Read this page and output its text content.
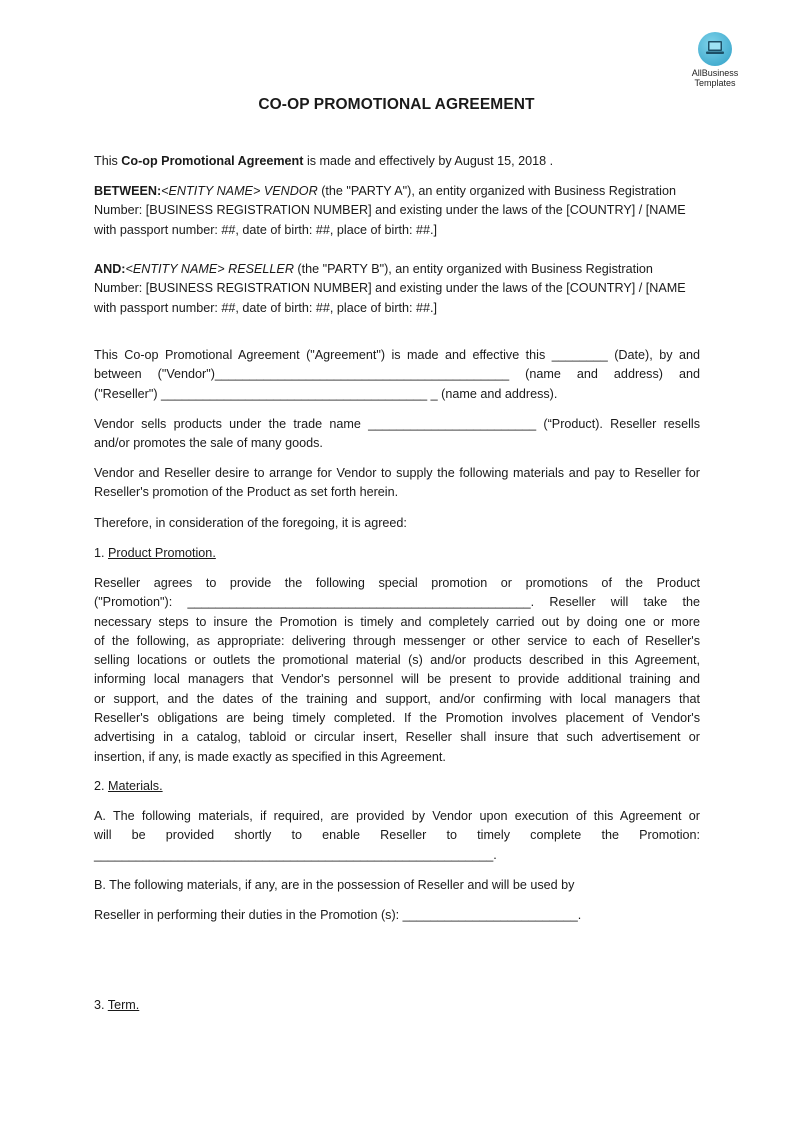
AllBusiness
Templates
CO-OP PROMOTIONAL AGREEMENT

This Co-op Promotional Agreement is made and effectively by August 15, 2018 .

BETWEEN:<ENTITY NAME> VENDOR (the "PARTY A"), an entity organized with Business Registration

Number: [BUSINESS REGISTRATION NUMBER] and existing under the laws of the [COUNTRY] / [NAME

with passport number: ##, date of birth: ##, place of birth: ##.]

AND:<ENTITY NAME> RESELLER (the "PARTY B"), an entity organized with Business Registration

Number: [BUSINESS REGISTRATION NUMBER] and existing under the laws of the [COUNTRY] / [NAME

with passport number: ##, date of birth: ##, place of birth: ##.]

This Co-op Promotional Agreement ("Agreement") is made and effective this ________ (Date), by and

between ("Vendor")__________________________________________ (name and address) and

("Reseller") ______________________________________ _ (name and address).

Vendor sells products under the trade name ________________________ (“Product). Reseller resells and/or promotes the sale of many goods.
Vendor and Reseller desire to arrange for Vendor to supply the following materials and pay to Reseller for Reseller's promotion of the Product as set forth herein.
Therefore, in consideration of the foregoing, it is agreed:
1. Product Promotion.

Reseller agrees to provide the following special promotion or promotions of the Product

("Promotion"): _________________________________________________. Reseller will take the

necessary steps to insure the Promotion is timely and completely carried out by doing one or more

of the following, as appropriate: delivering through messenger or other service to each of Reseller's

selling locations or outlets the promotional material (s) and/or products described in this Agreement,

informing local managers that Vendor's personnel will be present to provide additional training and

or support, and the dates of the training and support, and/or confirming with local managers that

Reseller's obligations are being timely completed. If the Promotion involves placement of Vendor's

advertising in a catalog, tabloid or circular insert, Reseller shall insure that such advertisement or

insertion, if any, is made exactly as specified in this Agreement.

2. Materials.

A. The following materials, if required, are provided by Vendor upon execution of this Agreement or

will be provided shortly to enable Reseller to timely complete the Promotion:

_________________________________________________________.

B. The following materials, if any, are in the possession of Reseller and will be used by
Reseller in performing their duties in the Promotion (s): _________________________.
3. Term.
